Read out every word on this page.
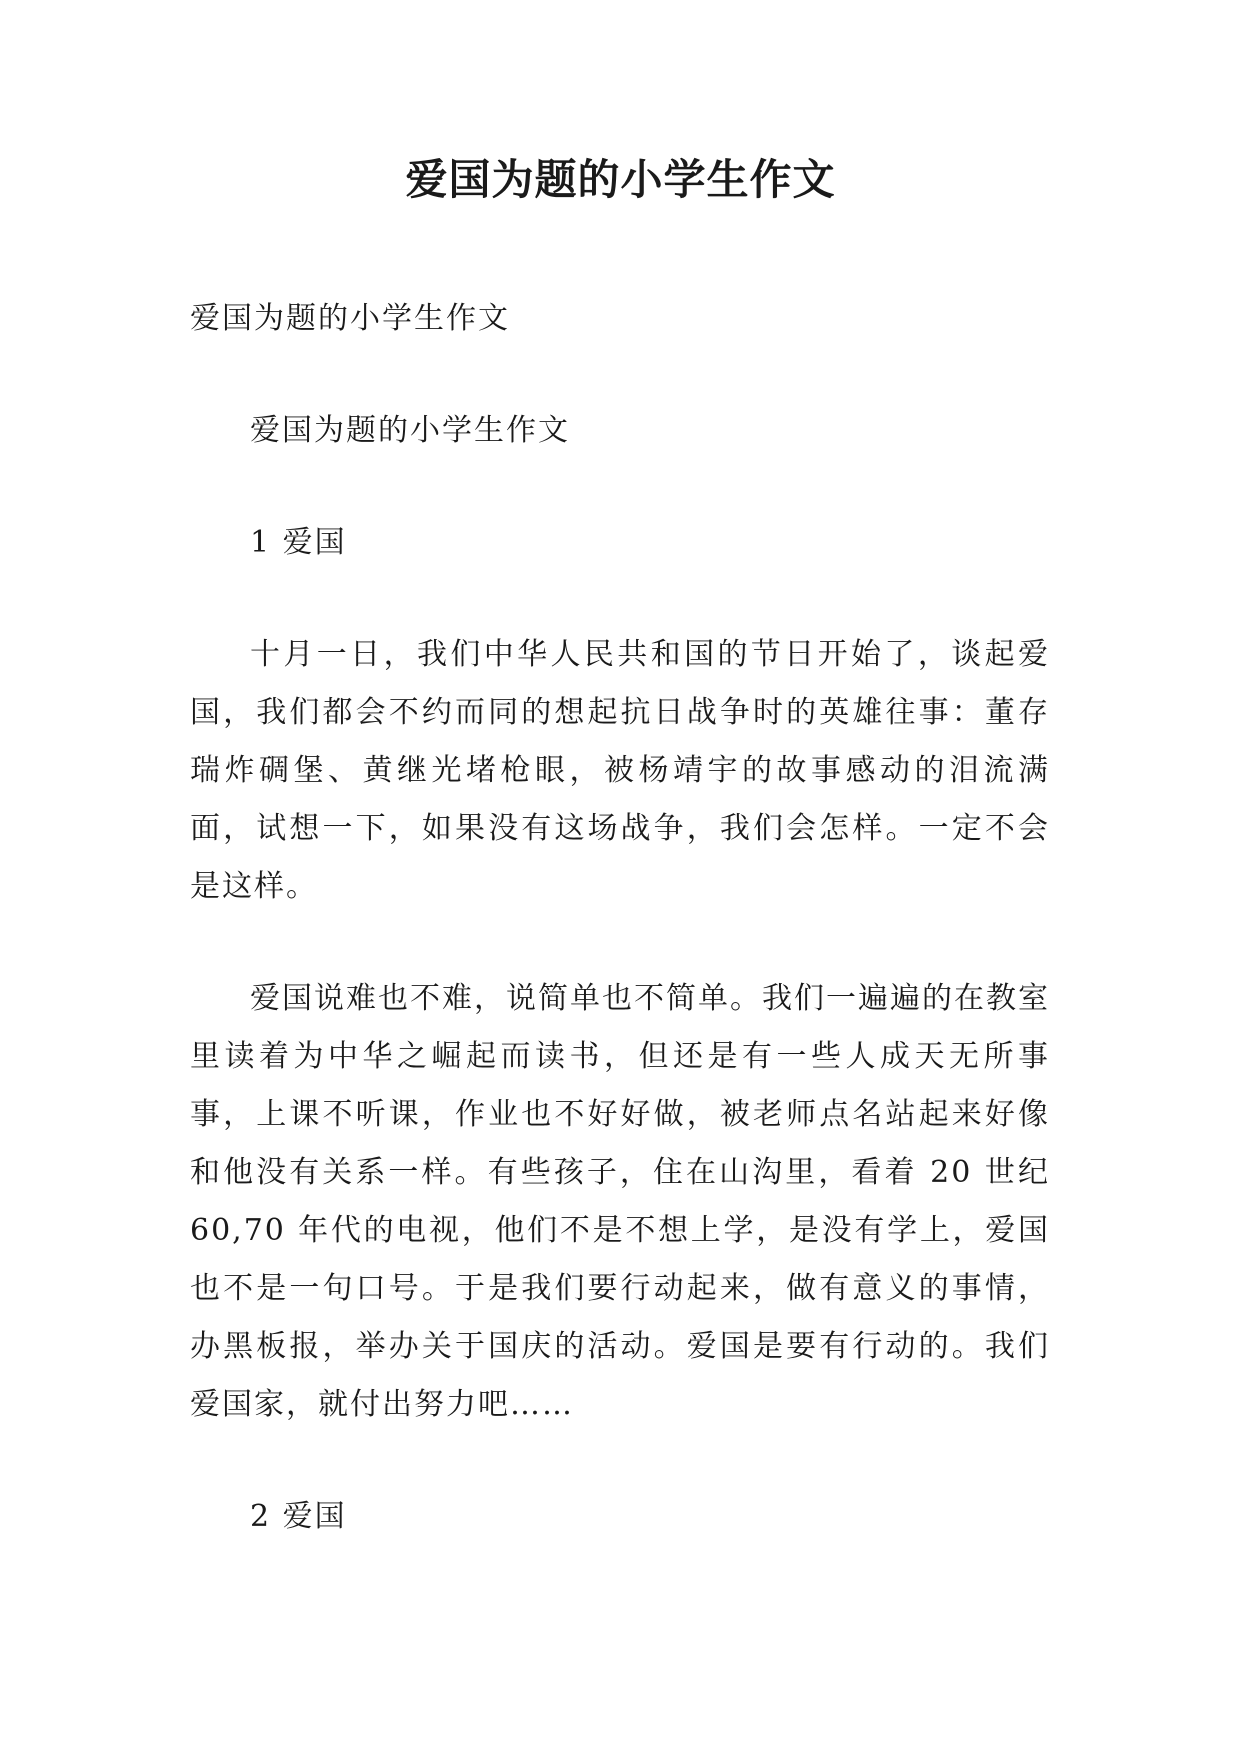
爱国为题的小学生作文

爱国为题的小学生作文

爱国为题的小学生作文

1 爱国

十月一日，我们中华人民共和国的节日开始了，谈起爱国，我们都会不约而同的想起抗日战争时的英雄往事：董存瑞炸碉堡、黄继光堵枪眼，被杨靖宇的故事感动的泪流满面，试想一下，如果没有这场战争，我们会怎样。一定不会是这样。

爱国说难也不难，说简单也不简单。我们一遍遍的在教室里读着为中华之崛起而读书，但还是有一些人成天无所事事，上课不听课，作业也不好好做，被老师点名站起来好像和他没有关系一样。有些孩子，住在山沟里，看着 20 世纪60,70 年代的电视，他们不是不想上学，是没有学上，爱国也不是一句口号。于是我们要行动起来，做有意义的事情，办黑板报，举办关于国庆的活动。爱国是要有行动的。我们爱国家，就付出努力吧……

2 爱国
